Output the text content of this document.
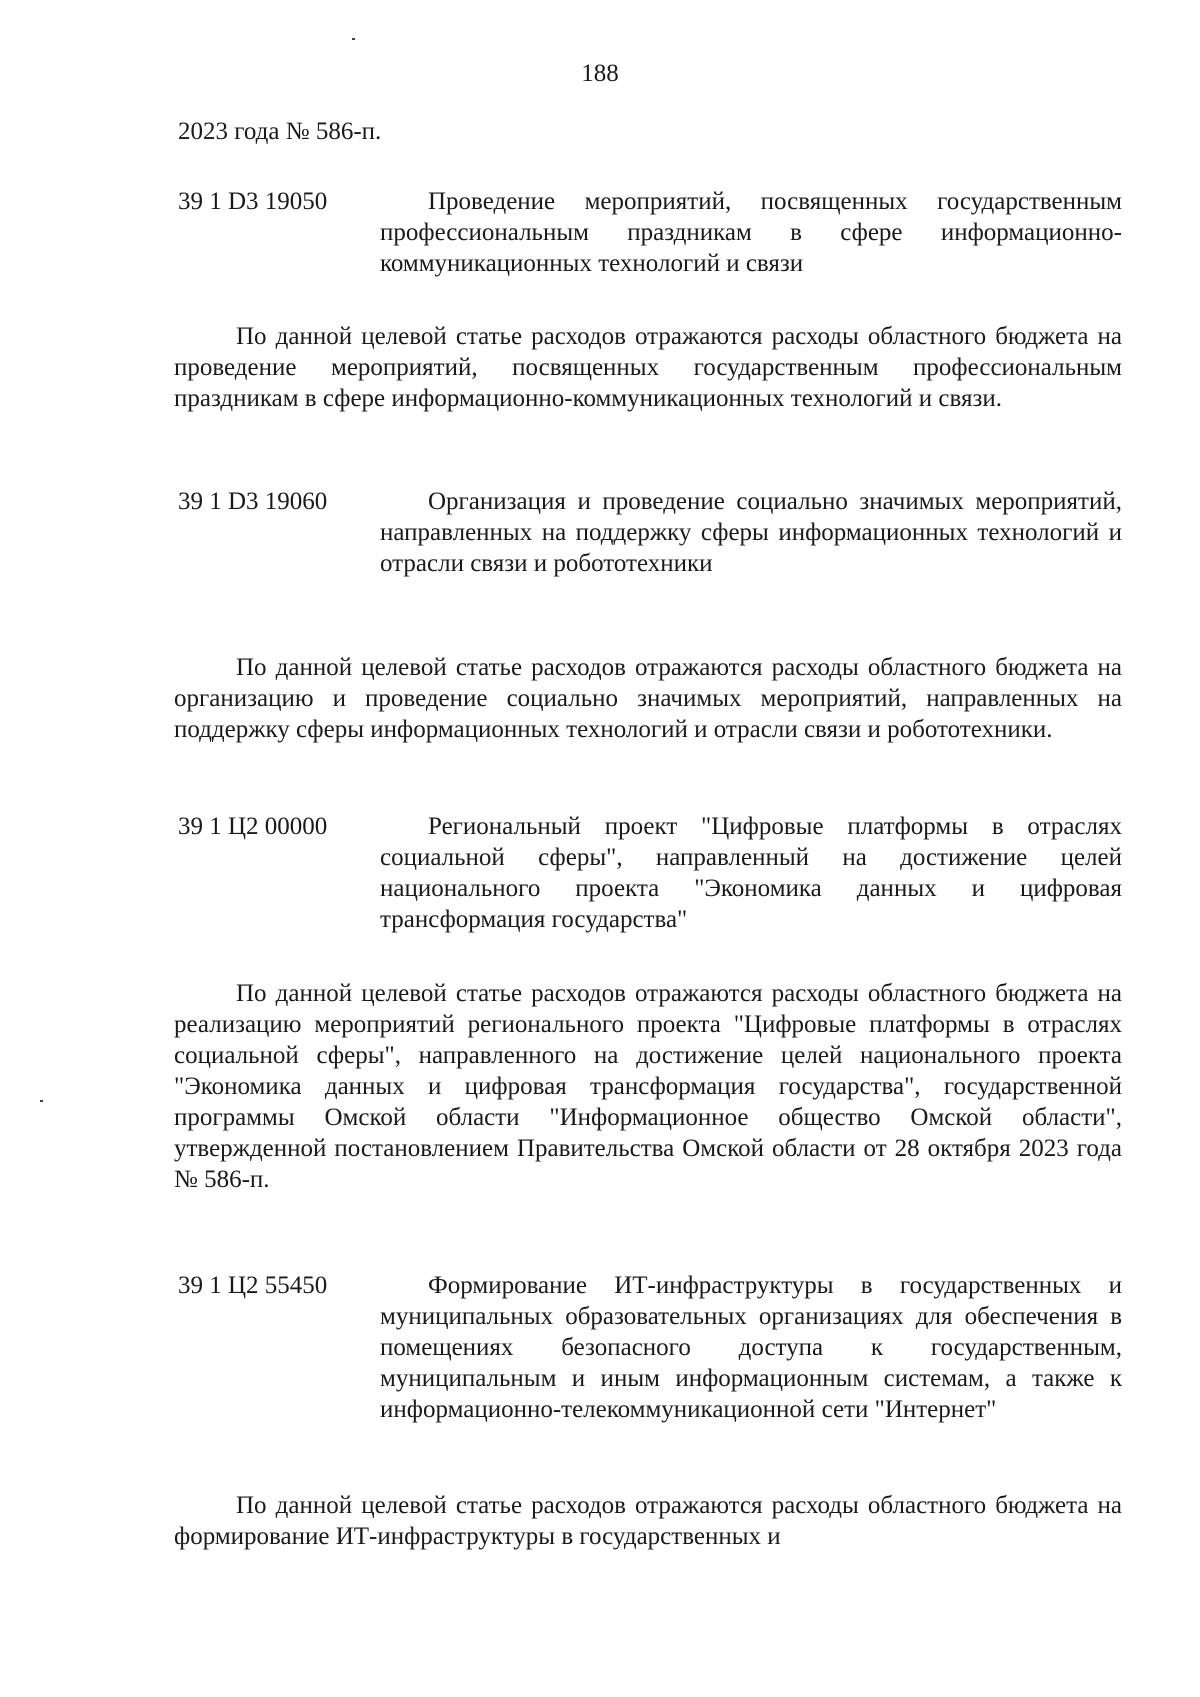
188
2023 года № 586-п.
39 1 D3 19050	Проведение мероприятий, посвященных государственным профессиональным праздникам в сфере информационно-коммуникационных технологий и связи
По данной целевой статье расходов отражаются расходы областного бюджета на проведение мероприятий, посвященных государственным профессиональным праздникам в сфере информационно-коммуникационных технологий и связи.
39 1 D3 19060	Организация и проведение социально значимых мероприятий, направленных на поддержку сферы информационных технологий и отрасли связи и робототехники
По данной целевой статье расходов отражаются расходы областного бюджета на организацию и проведение социально значимых мероприятий, направленных на поддержку сферы информационных технологий и отрасли связи и робототехники.
39 1 Ц2 00000	Региональный проект "Цифровые платформы в отраслях социальной сферы", направленный на достижение целей национального проекта "Экономика данных и цифровая трансформация государства"
По данной целевой статье расходов отражаются расходы областного бюджета на реализацию мероприятий регионального проекта "Цифровые платформы в отраслях социальной сферы", направленного на достижение целей национального проекта "Экономика данных и цифровая трансформация государства", государственной программы Омской области "Информационное общество Омской области", утвержденной постановлением Правительства Омской области от 28 октября 2023 года № 586-п.
39 1 Ц2 55450	Формирование ИТ-инфраструктуры в государственных и муниципальных образовательных организациях для обеспечения в помещениях безопасного доступа к государственным, муниципальным и иным информационным системам, а также к информационно-телекоммуникационной сети "Интернет"
По данной целевой статье расходов отражаются расходы областного бюджета на формирование ИТ-инфраструктуры в государственных и
